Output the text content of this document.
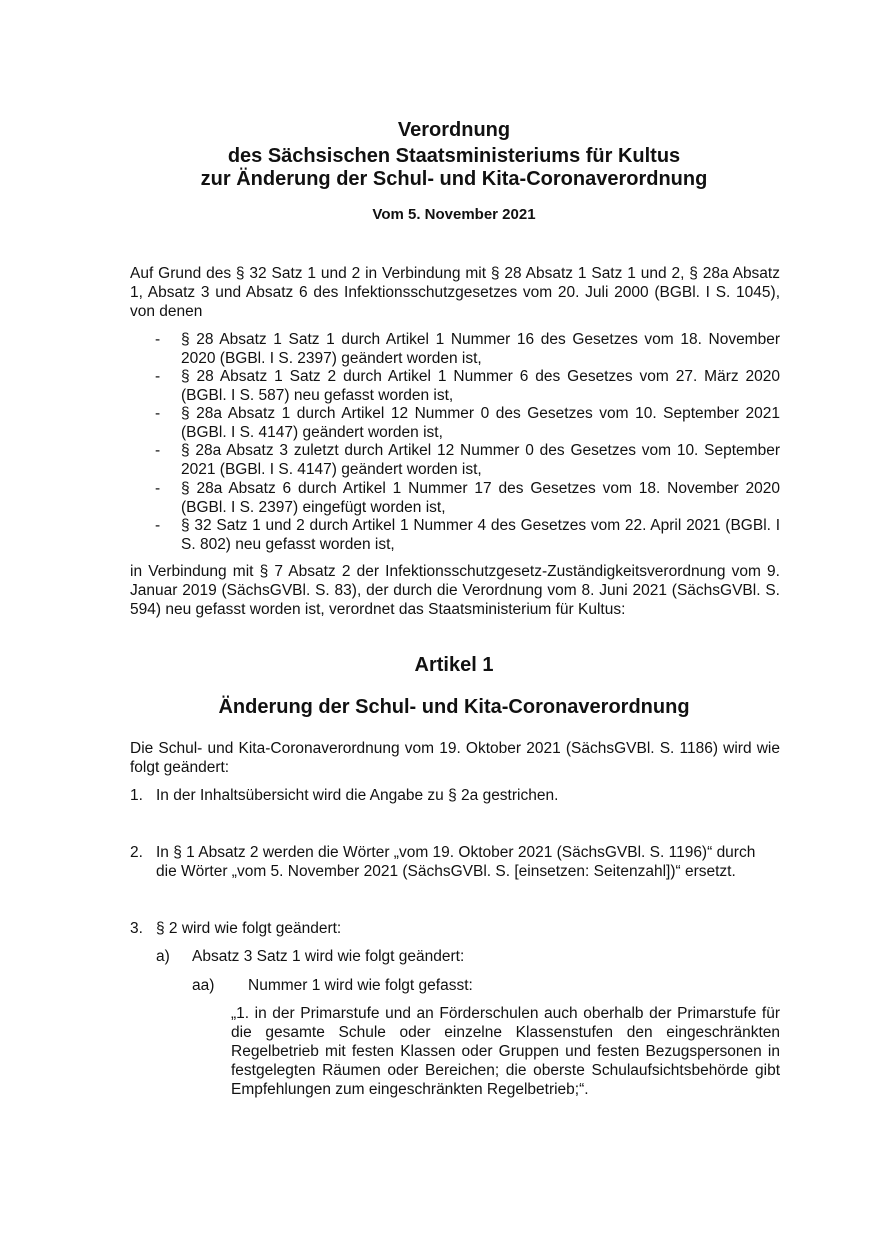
Verordnung
des Sächsischen Staatsministeriums für Kultus
zur Änderung der Schul- und Kita-Coronaverordnung
Vom 5. November 2021
Auf Grund des § 32 Satz 1 und 2 in Verbindung mit § 28 Absatz 1 Satz 1 und 2, § 28a Absatz 1, Absatz 3 und Absatz 6 des Infektionsschutzgesetzes vom 20. Juli 2000 (BGBl. I S. 1045), von denen
- § 28 Absatz 1 Satz 1 durch Artikel 1 Nummer 16 des Gesetzes vom 18. November 2020 (BGBl. I S. 2397) geändert worden ist,
- § 28 Absatz 1 Satz 2 durch Artikel 1 Nummer 6 des Gesetzes vom 27. März 2020 (BGBl. I S. 587) neu gefasst worden ist,
- § 28a Absatz 1 durch Artikel 12 Nummer 0 des Gesetzes vom 10. September 2021 (BGBl. I S. 4147) geändert worden ist,
- § 28a Absatz 3 zuletzt durch Artikel 12 Nummer 0 des Gesetzes vom 10. September 2021 (BGBl. I S. 4147) geändert worden ist,
- § 28a Absatz 6 durch Artikel 1 Nummer 17 des Gesetzes vom 18. November 2020 (BGBl. I S. 2397) eingefügt worden ist,
- § 32 Satz 1 und 2 durch Artikel 1 Nummer 4 des Gesetzes vom 22. April 2021 (BGBl. I S. 802) neu gefasst worden ist,
in Verbindung mit § 7 Absatz 2 der Infektionsschutzgesetz-Zuständigkeitsverordnung vom 9. Januar 2019 (SächsGVBl. S. 83), der durch die Verordnung vom 8. Juni 2021 (SächsGVBl. S. 594) neu gefasst worden ist, verordnet das Staatsministerium für Kultus:
Artikel 1
Änderung der Schul- und Kita-Coronaverordnung
Die Schul- und Kita-Coronaverordnung vom 19. Oktober 2021 (SächsGVBl. S. 1186) wird wie folgt geändert:
1. In der Inhaltsübersicht wird die Angabe zu § 2a gestrichen.
2. In § 1 Absatz 2 werden die Wörter „vom 19. Oktober 2021 (SächsGVBl. S. 1196)“ durch die Wörter „vom 5. November 2021 (SächsGVBl. S. [einsetzen: Seitenzahl])“ ersetzt.
3. § 2 wird wie folgt geändert:
a) Absatz 3 Satz 1 wird wie folgt geändert:
aa) Nummer 1 wird wie folgt gefasst:
„1. in der Primarstufe und an Förderschulen auch oberhalb der Primarstufe für die gesamte Schule oder einzelne Klassenstufen den eingeschränkten Regelbetrieb mit festen Klassen oder Gruppen und festen Bezugspersonen in festgelegten Räumen oder Bereichen; die oberste Schulaufsichtsbehörde gibt Empfehlungen zum eingeschränkten Regelbetrieb;“.
